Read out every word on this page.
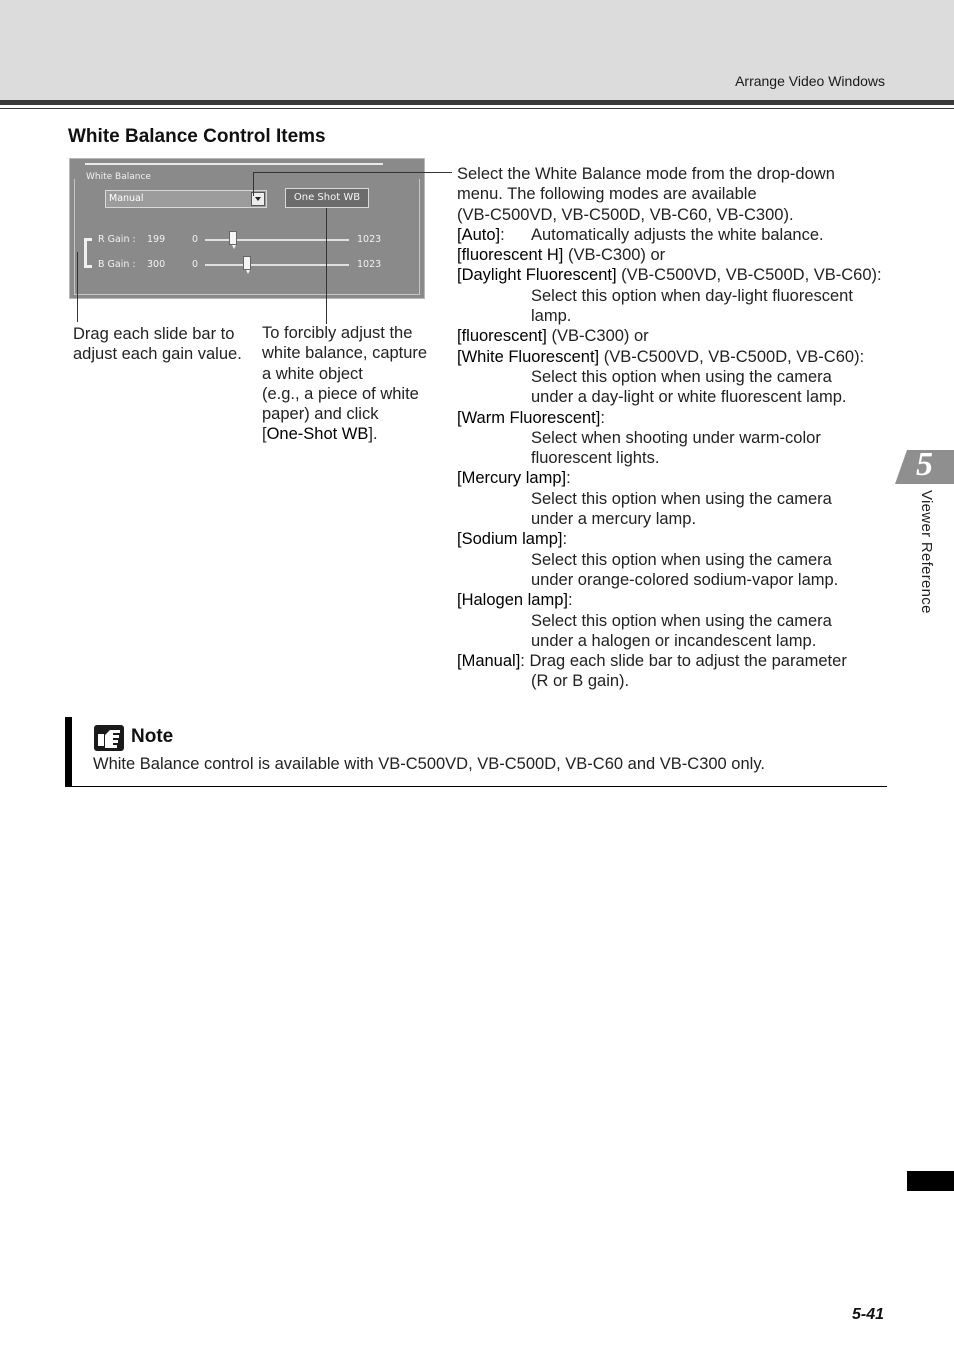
Arrange Video Windows
White Balance Control Items
White Balance
Manual	One Shot WB
R Gain : 199	0	1023
B Gain : 300	0	1023
Drag each slide bar to
adjust each gain value.
To forcibly adjust the
white balance, capture
a white object
(e.g., a piece of white
paper) and click
[One-Shot WB].

Select the White Balance mode from the drop-down

menu. The following modes are available

(VB-C500VD, VB-C500D, VB-C60, VB-C300).

[Auto]:	Automatically adjusts the white balance.

[fluorescent H] (VB-C300) or

[Daylight Fluorescent] (VB-C500VD, VB-C500D, VB-C60):

Select this option when day-light fluorescent

lamp.

[fluorescent] (VB-C300) or

[White Fluorescent] (VB-C500VD, VB-C500D, VB-C60):

Select this option when using the camera

under a day-light or white fluorescent lamp.

[Warm Fluorescent]:

Select when shooting under warm-color

fluorescent lights.

[Mercury lamp]:

Select this option when using the camera

under a mercury lamp.

[Sodium lamp]:

Select this option when using the camera

under orange-colored sodium-vapor lamp.

[Halogen lamp]:

Select this option when using the camera

under a halogen or incandescent lamp.

[Manual]: Drag each slide bar to adjust the parameter

(R or B gain).

5
Viewer Reference
Note
White Balance control is available with VB-C500VD, VB-C500D, VB-C60 and VB-C300 only.
5-41
